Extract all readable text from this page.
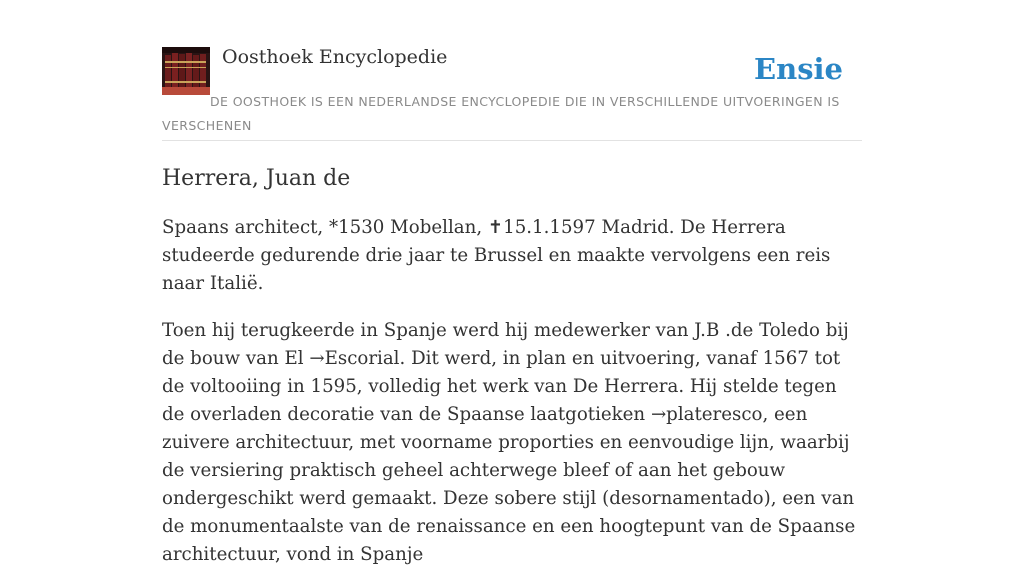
Oosthoek Encyclopedie	Ensie
DE OOSTHOEK IS EEN NEDERLANDSE ENCYCLOPEDIE DIE IN VERSCHILLENDE UITVOERINGEN IS VERSCHENEN
Herrera, Juan de

Spaans architect, *1530 Mobellan, ✝15.1.1597 Madrid. De Herrera studeerde gedurende drie jaar te Brussel en maakte vervolgens een reis naar Italië.

Toen hij terugkeerde in Spanje werd hij medewerker van J.B .de Toledo bij de bouw van El →Escorial. Dit werd, in plan en uitvoering, vanaf 1567 tot de voltooiing in 1595, volledig het werk van De Herrera. Hij stelde tegen de overladen decoratie van de Spaanse laatgotieken →plateresco, een zuivere architectuur, met voorname proporties en eenvoudige lijn, waarbij de versiering praktisch geheel achterwege bleef of aan het gebouw ondergeschikt werd gemaakt. Deze sobere stijl (desornamentado), een van de monumentaalste van de renaissance en een hoogtepunt van de Spaanse architectuur, vond in Spanje
